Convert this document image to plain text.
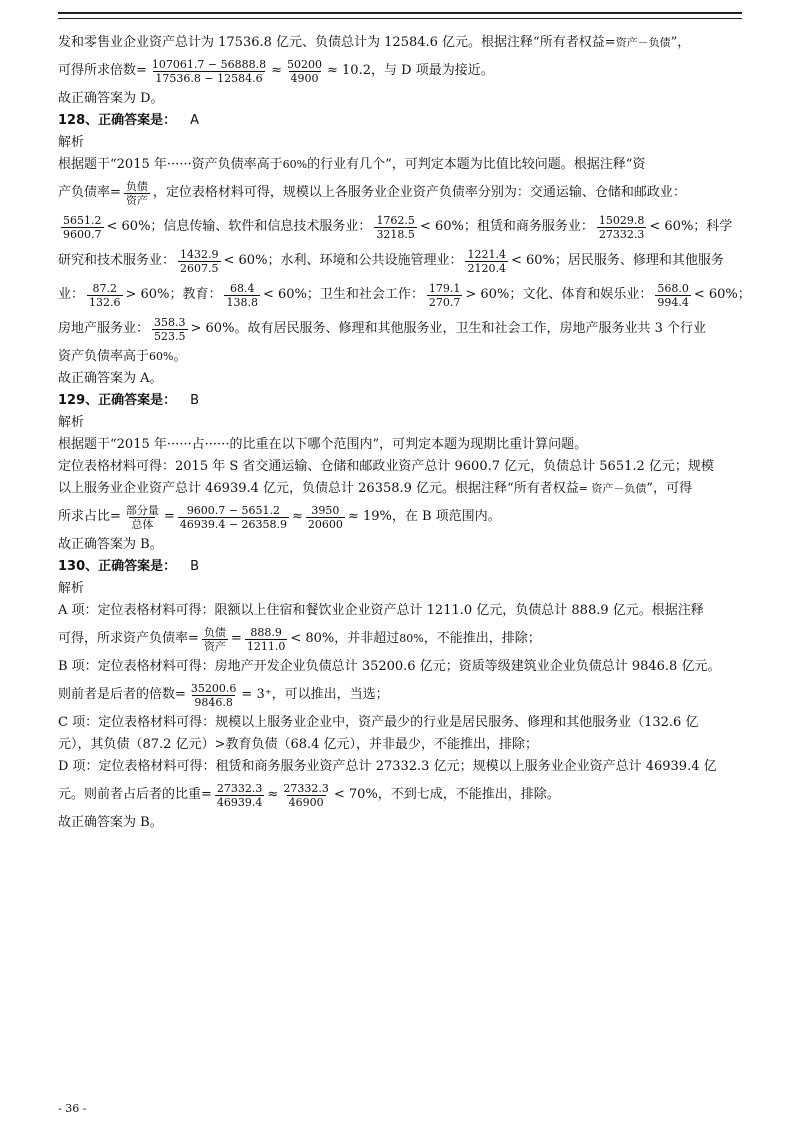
发和零售业企业资产总计为 17536.8 亿元、负债总计为 12584.6 亿元。根据注释“所有者权益 = 资产－负债 ”，
可得所求倍数 = $\frac{107061.7 - 56888.8}{17536.8 - 12584.6} \approx \frac{50200}{4900} \approx 10.2$ ，与 D 项最为接近。
故正确答案为 D。
128、正确答案是： A
解析
根据题干“2015 年······资产负债率高于 60% 的行业有几个”，可判定本题为比值比较问题。根据注释“资
产负债率 = $\frac{\text{负债}}{\text{资产}}$ ，定位表格材料可得，规模以上各服务业企业资产负债率分别为：交通运输、仓储和邮政业：
$\frac{5651.2}{9600.7} < 60\%$ ；信息传输、软件和信息技术服务业： $\frac{1762.5}{3218.5} < 60\%$ ；租赁和商务服务业： $\frac{15029.8}{27332.3} < 60\%$ ；科学
研究和技术服务业： $\frac{1432.9}{2607.5} < 60\%$ ；水利、环境和公共设施管理业： $\frac{1221.4}{2120.4} < 60\%$ ；居民服务、修理和其他服务
业： $\frac{87.2}{132.6} > 60\%$ ；教育： $\frac{68.4}{138.8} < 60\%$ ；卫生和社会工作： $\frac{179.1}{270.7} > 60\%$ ；文化、体育和娱乐业： $\frac{568.0}{994.4} < 60\%$ ；
房地产服务业： $\frac{358.3}{523.5} > 60\%$ 。故有居民服务、修理和其他服务业，卫生和社会工作，房地产服务业共 3 个行业
资产负债率高于 60% 。
故正确答案为 A。
129、正确答案是： B
解析
根据题干“2015 年······占······的比重在以下哪个范围内”，可判定本题为现期比重计算问题。
定位表格材料可得：2015 年 S 省交通运输、仓储和邮政业资产总计 9600.7 亿元，负债总计 5651.2 亿元；规模
以上服务业企业资产总计 46939.4 亿元，负债总计 26358.9 亿元。根据注释“所有者权益 = 资产－负债 ”，可得
所求占比 = $\frac{\text{部分量}}{\text{总体}} = \frac{9600.7 - 5651.2}{46939.4 - 26358.9} \approx \frac{3950}{20600} \approx 19\%$ ，在 B 项范围内。
故正确答案为 B。
130、正确答案是： B
解析
A 项：定位表格材料可得：限额以上住宿和餐饮业企业资产总计 1211.0 亿元，负债总计 888.9 亿元。根据注释
可得，所求资产负债率 = $\frac{\text{负债}}{\text{资产}} = \frac{888.9}{1211.0} < 80\%$ ，并非超过 80% ，不能推出，排除；
B 项：定位表格材料可得：房地产开发企业负债总计 35200.6 亿元；资质等级建筑业企业负债总计 9846.8 亿元。
则前者是后者的倍数 = $\frac{35200.6}{9846.8} = 3^+$ ，可以推出，当选；
C 项：定位表格材料可得：规模以上服务业企业中，资产最少的行业是居民服务、修理和其他服务业（132.6 亿
元），其负债（87.2 亿元） > 教育负债（68.4 亿元），并非最少，不能推出，排除；
D 项：定位表格材料可得：租赁和商务服务业资产总计 27332.3 亿元；规模以上服务业企业资产总计 46939.4 亿
元。则前者占后者的比重 = $\frac{27332.3}{46939.4} \approx \frac{27332.3}{46900} < 70\%$ ，不到七成，不能推出，排除。
故正确答案为 B。
- 36 -
